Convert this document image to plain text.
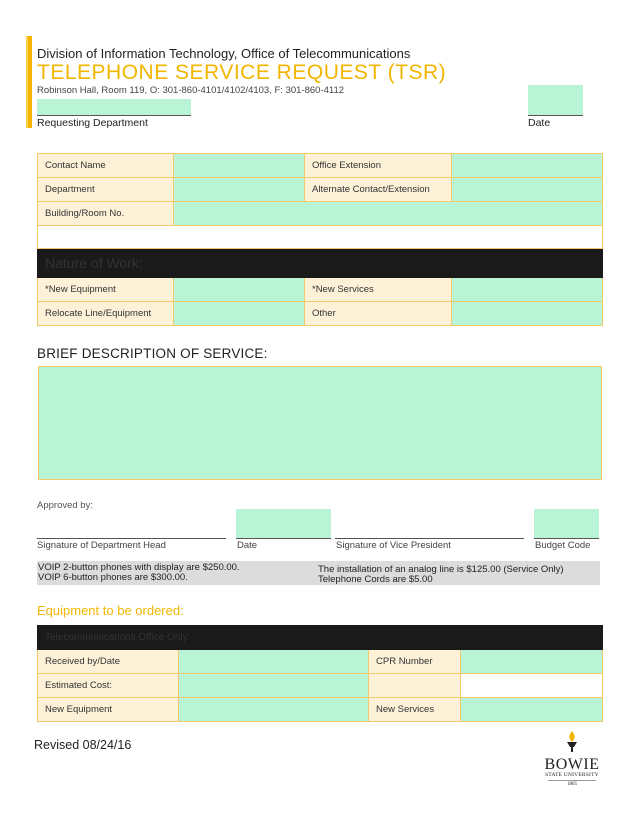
Division of Information Technology, Office of Telecommunications
TELEPHONE SERVICE REQUEST (TSR)
Robinson Hall, Room 119, O: 301-860-4101/4102/4103, F: 301-860-4112
Requesting Department	Date
Contact Name		Office Extension	
Department		Alternate Contact/Extension	
Building/Room No.			

Nature of Work:			
*New Equipment		*New Services	
Relocate Line/Equipment		Other	
BRIEF DESCRIPTION OF SERVICE:
Approved by:
Signature of Department Head	Date	Signature of Vice President	Budget Code
VOIP 2-button phones with display are $250.00.
VOIP 6-button phones are $300.00.
The installation of an analog line is $125.00 (Service Only)
Telephone Cords are $5.00
Equipment to be ordered:
Telecommunications Office Only:			
Received by/Date		CPR Number	
Estimated Cost:			
New Equipment		New Services	
Revised 08/24/16
BOWIE
STATE UNIVERSITY
1865
